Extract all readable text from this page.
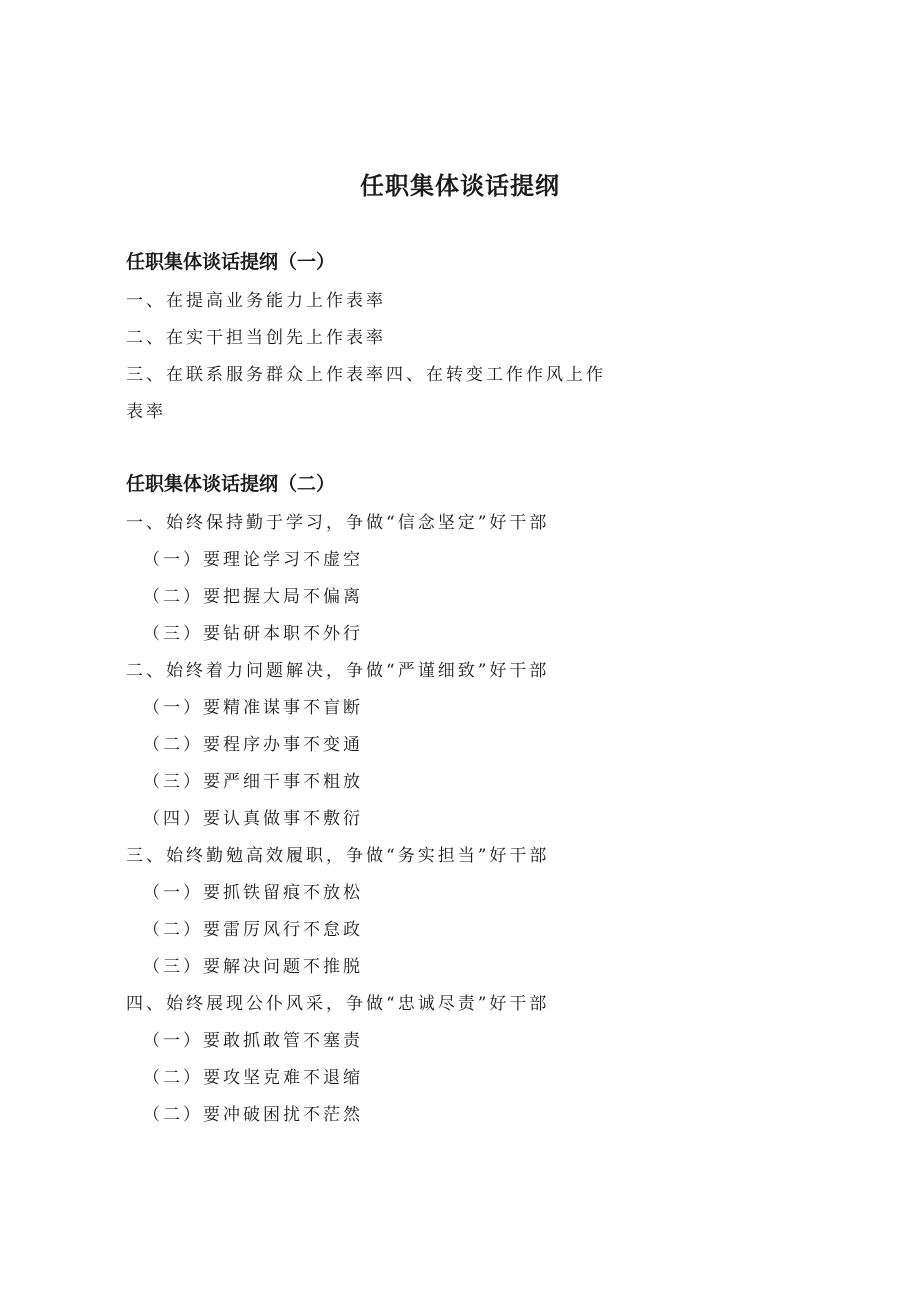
任职集体谈话提纲
任职集体谈话提纲（一）

一、在提高业务能力上作表率

二、在实干担当创先上作表率

三、在联系服务群众上作表率四、在转变工作作风上作

表率

任职集体谈话提纲（二）

一、始终保持勤于学习，争做“信念坚定”好干部

（一）要理论学习不虚空

（二）要把握大局不偏离

（三）要钻研本职不外行

二、始终着力问题解决，争做“严谨细致”好干部

（一）要精准谋事不盲断

（二）要程序办事不变通

（三）要严细干事不粗放

（四）要认真做事不敷衍

三、始终勤勉高效履职，争做“务实担当”好干部

（一）要抓铁留痕不放松

（二）要雷厉风行不怠政

（三）要解决问题不推脱

四、始终展现公仆风采，争做“忠诚尽责”好干部

（一）要敢抓敢管不塞责

（二）要攻坚克难不退缩

（二）要冲破困扰不茫然
